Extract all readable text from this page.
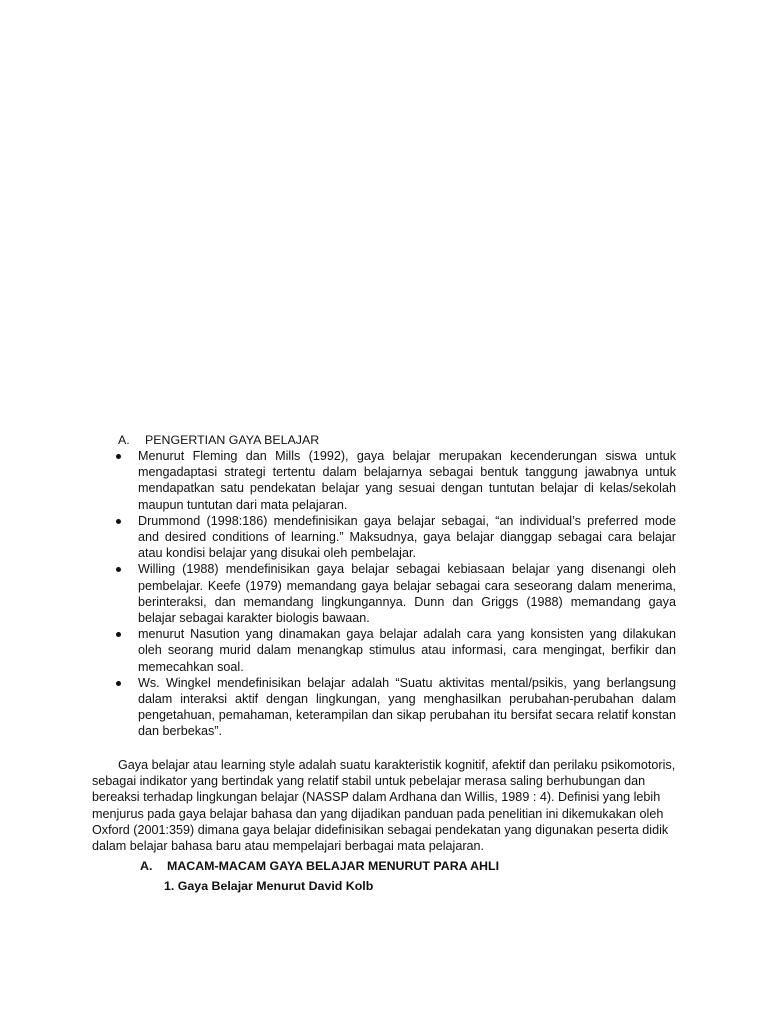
A. PENGERTIAN GAYA BELAJAR
Menurut Fleming dan Mills (1992), gaya belajar merupakan kecenderungan siswa untuk mengadaptasi strategi tertentu dalam belajarnya sebagai bentuk tanggung jawabnya untuk mendapatkan satu pendekatan belajar yang sesuai dengan tuntutan belajar di kelas/sekolah maupun tuntutan dari mata pelajaran.
Drummond (1998:186) mendefinisikan gaya belajar sebagai, “an individual’s preferred mode and desired conditions of learning.” Maksudnya, gaya belajar dianggap sebagai cara belajar atau kondisi belajar yang disukai oleh pembelajar.
Willing (1988) mendefinisikan gaya belajar sebagai kebiasaan belajar yang disenangi oleh pembelajar. Keefe (1979) memandang gaya belajar sebagai cara seseorang dalam menerima, berinteraksi, dan memandang lingkungannya. Dunn dan Griggs (1988) memandang gaya belajar sebagai karakter biologis bawaan.
menurut Nasution yang dinamakan gaya belajar adalah cara yang konsisten yang dilakukan oleh seorang murid dalam menangkap stimulus atau informasi, cara mengingat, berfikir dan memecahkan soal.
Ws. Wingkel mendefinisikan belajar adalah “Suatu aktivitas mental/psikis, yang berlangsung dalam interaksi aktif dengan lingkungan, yang menghasilkan perubahan-perubahan dalam pengetahuan, pemahaman, keterampilan dan sikap perubahan itu bersifat secara relatif konstan dan berbekas”.

Gaya belajar atau learning style adalah suatu karakteristik kognitif, afektif dan perilaku psikomotoris, sebagai indikator yang bertindak yang relatif stabil untuk pebelajar merasa saling berhubungan dan bereaksi terhadap lingkungan belajar (NASSP dalam Ardhana dan Willis, 1989 : 4). Definisi yang lebih menjurus pada gaya belajar bahasa dan yang dijadikan panduan pada penelitian ini dikemukakan oleh Oxford (2001:359) dimana gaya belajar didefinisikan sebagai pendekatan yang digunakan peserta didik dalam belajar bahasa baru atau mempelajari berbagai mata pelajaran.

A. MACAM-MACAM GAYA BELAJAR MENURUT PARA AHLI
1. Gaya Belajar Menurut David Kolb
